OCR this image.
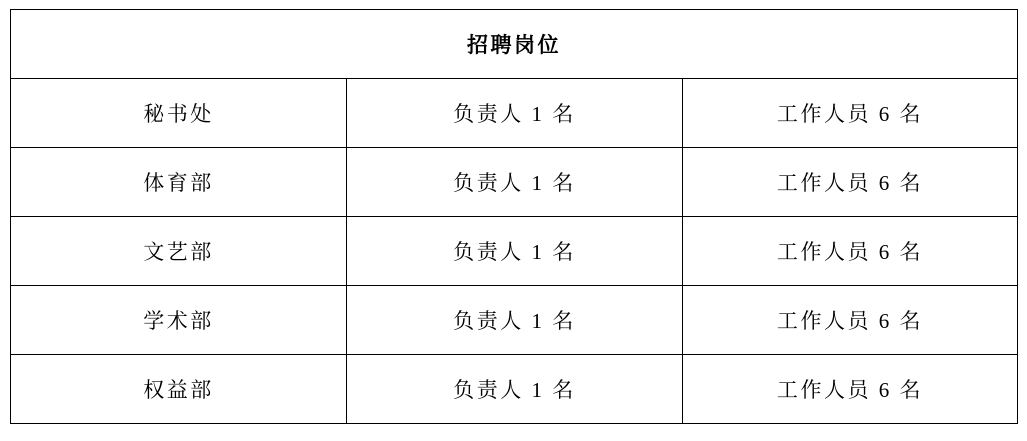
招聘岗位		
秘书处	负责人 1 名	工作人员 6 名
体育部	负责人 1 名	工作人员 6 名
文艺部	负责人 1 名	工作人员 6 名
学术部	负责人 1 名	工作人员 6 名
权益部	负责人 1 名	工作人员 6 名
